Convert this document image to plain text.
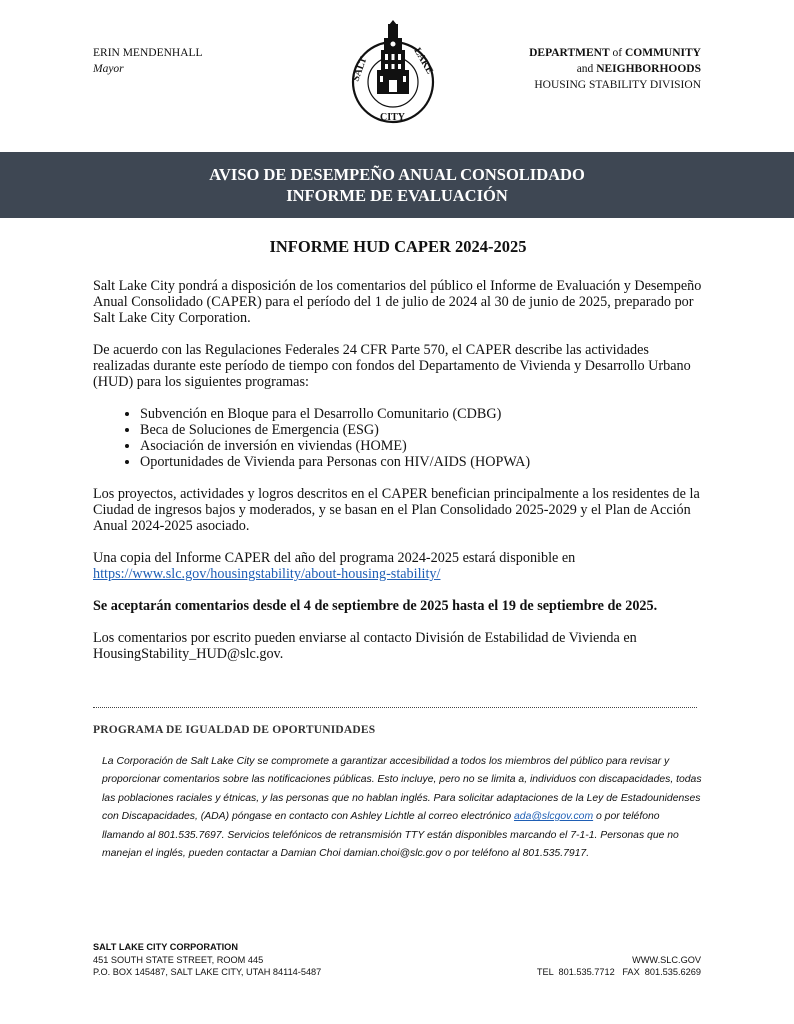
ERIN MENDENHALL
Mayor	SALT	LAKE
CITY
DEPARTMENT of COMMUNITY
and NEIGHBORHOODS
HOUSING STABILITY DIVISION
AVISO DE DESEMPEÑO ANUAL CONSOLIDADO
INFORME DE EVALUACIÓN
INFORME HUD CAPER 2024-2025

Salt Lake City pondrá a disposición de los comentarios del público el Informe de Evaluación y Desempeño Anual Consolidado (CAPER) para el período del 1 de julio de 2024 al 30 de junio de 2025, preparado por Salt Lake City Corporation.

De acuerdo con las Regulaciones Federales 24 CFR Parte 570, el CAPER describe las actividades realizadas durante este período de tiempo con fondos del Departamento de Vivienda y Desarrollo Urbano (HUD) para los siguientes programas:

• Subvención en Bloque para el Desarrollo Comunitario (CDBG)
• Beca de Soluciones de Emergencia (ESG)
• Asociación de inversión en viviendas (HOME)
• Oportunidades de Vivienda para Personas con HIV/AIDS (HOPWA)

Los proyectos, actividades y logros descritos en el CAPER benefician principalmente a los residentes de la Ciudad de ingresos bajos y moderados, y se basan en el Plan Consolidado 2025-2029 y el Plan de Acción Anual 2024-2025 asociado.

Una copia del Informe CAPER del año del programa 2024-2025 estará disponible en
https://www.slc.gov/housingstability/about-housing-stability/

Se aceptarán comentarios desde el 4 de septiembre de 2025 hasta el 19 de septiembre de 2025.

Los comentarios por escrito pueden enviarse al contacto División de Estabilidad de Vivienda en HousingStability_HUD@slc.gov.

PROGRAMA DE IGUALDAD DE OPORTUNIDADES
La Corporación de Salt Lake City se compromete a garantizar accesibilidad a todos los miembros del público para revisar y proporcionar comentarios sobre las notificaciones públicas. Esto incluye, pero no se limita a, individuos con discapacidades, todas las poblaciones raciales y étnicas, y las personas que no hablan inglés. Para solicitar adaptaciones de la Ley de Estadounidenses con Discapacidades, (ADA) póngase en contacto con Ashley Lichtle al correo electrónico ada@slcgov.com o por teléfono llamando al 801.535.7697. Servicios telefónicos de retransmisión TTY están disponibles marcando el 7-1-1. Personas que no manejan el inglés, pueden contactar a Damian Choi damian.choi@slc.gov o por teléfono al 801.535.7917.
SALT LAKE CITY CORPORATION
451 SOUTH STATE STREET, ROOM 445
P.O. BOX 145487, SALT LAKE CITY, UTAH 84114-5487
WWW.SLC.GOV
TEL  801.535.7712   FAX  801.535.6269
